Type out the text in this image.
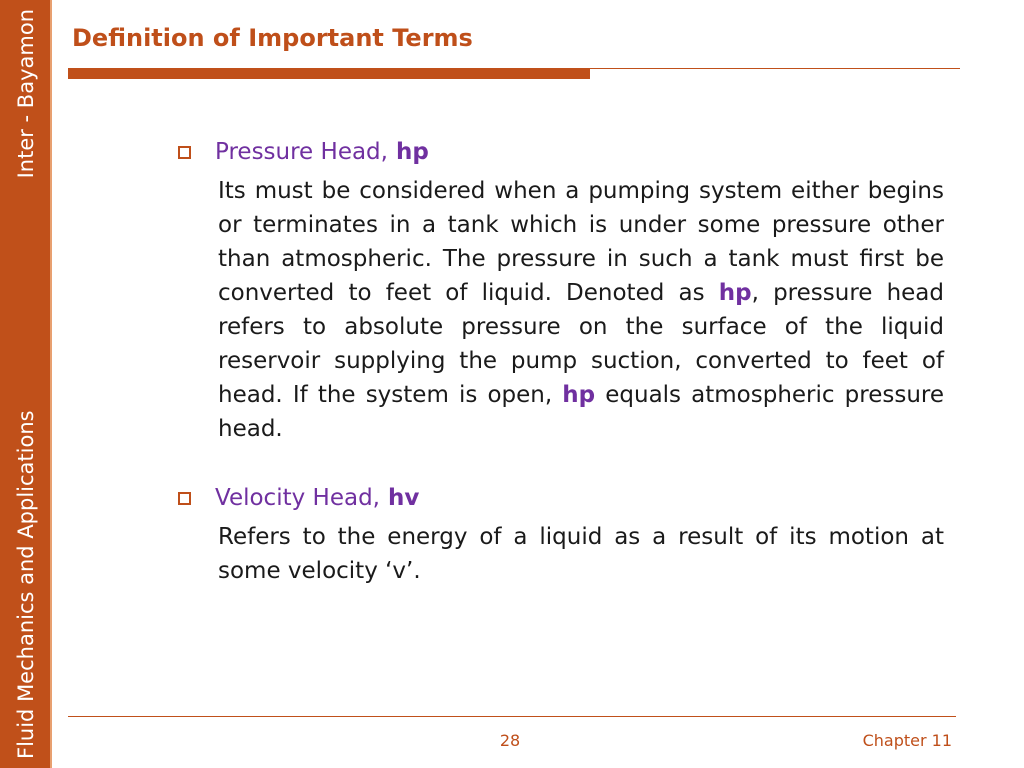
Fluid Mechanics and Applications
Inter - Bayamon Definition of Important Terms
Pressure Head, hp

Its must be considered when a pumping system either begins or terminates in a tank which is under some pressure other than atmospheric. The pressure in such a tank must first be converted to feet of liquid. Denoted as hp, pressure head refers to absolute pressure on the surface of the liquid reservoir supplying the pump suction, converted to feet of head. If the system is open, hp equals atmospheric pressure head.

Velocity Head, hv

Refers to the energy of a liquid as a result of its motion at some velocity ‘v’.

28	Chapter 11
